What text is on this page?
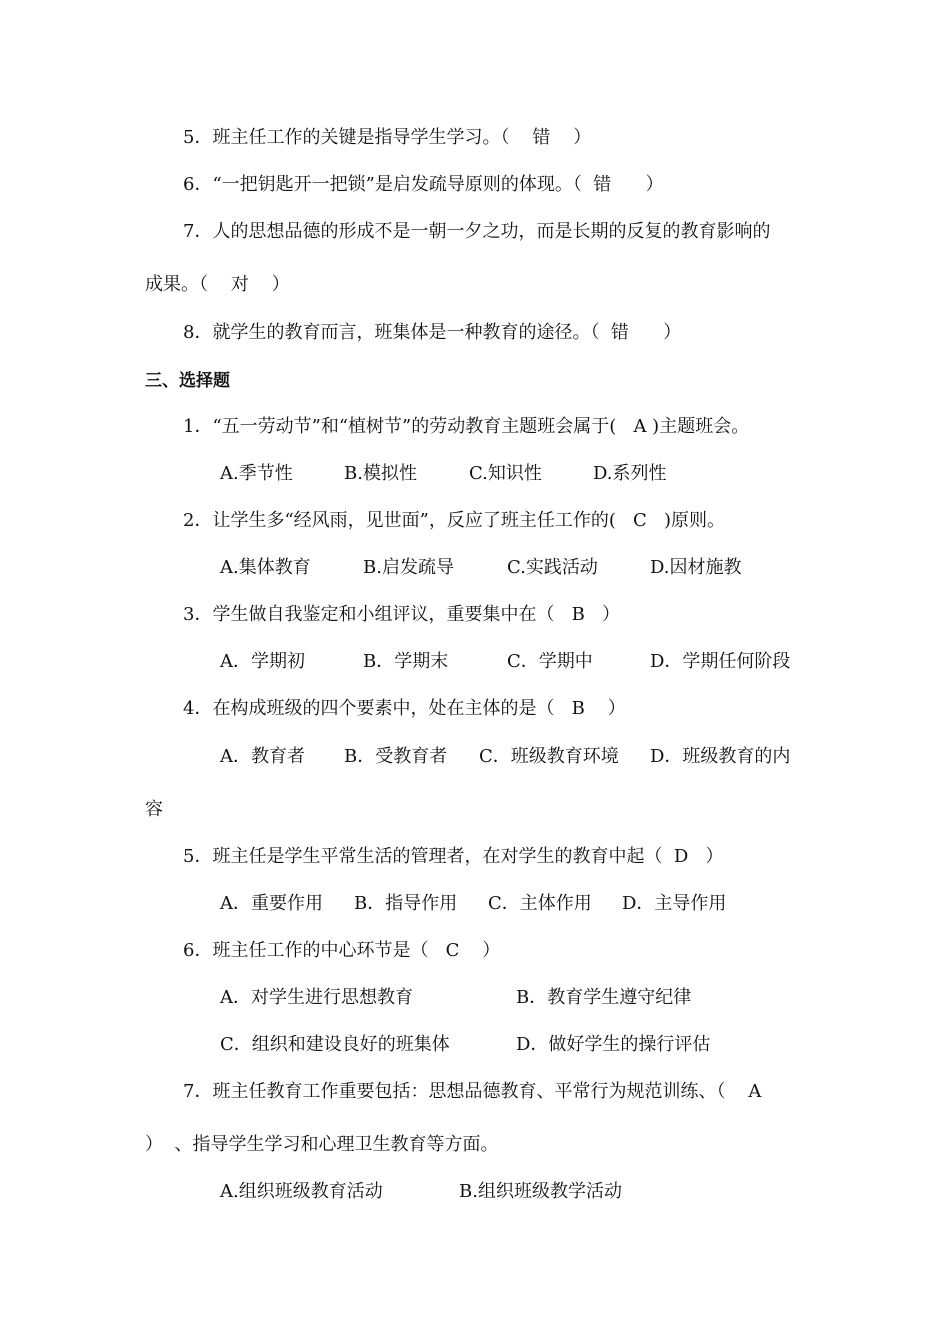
5．班主任工作的关键是指导学生学习。（    错    ）
6．“一把钥匙开一把锁”是启发疏导原则的体现。（  错      ）
7．人的思想品德的形成不是一朝一夕之功，而是长期的反复的教育影响的
成果。（    对    ）
8．就学生的教育而言，班集体是一种教育的途径。（  错      ）
三、选择题
1．“五一劳动节”和“植树节”的劳动教育主题班会属于(   A )主题班会。
A.季节性	B.模拟性	C.知识性	D.系列性
2．让学生多“经风雨，见世面”，反应了班主任工作的(   C   )原则。
A.集体教育	B.启发疏导	C.实践活动	D.因材施教
3．学生做自我鉴定和小组评议，重要集中在（   B   ）
A．学期初	B．学期末	C．学期中	D．学期任何阶段
4．在构成班级的四个要素中，处在主体的是（   B    ）
A．教育者 B．受教育者 C．班级教育环境 D．班级教育的内
容
5．班主任是学生平常生活的管理者，在对学生的教育中起（  D   ）
A．重要作用 B．指导作用 C．主体作用 D．主导作用
6．班主任工作的中心环节是（   C    ）
A．对学生进行思想教育	B．教育学生遵守纪律
C．组织和建设良好的班集体	D．做好学生的操行评估
7．班主任教育工作重要包括：思想品德教育、平常行为规范训练、（    A
）  、指导学生学习和心理卫生教育等方面。
A.组织班级教育活动	B.组织班级教学活动
